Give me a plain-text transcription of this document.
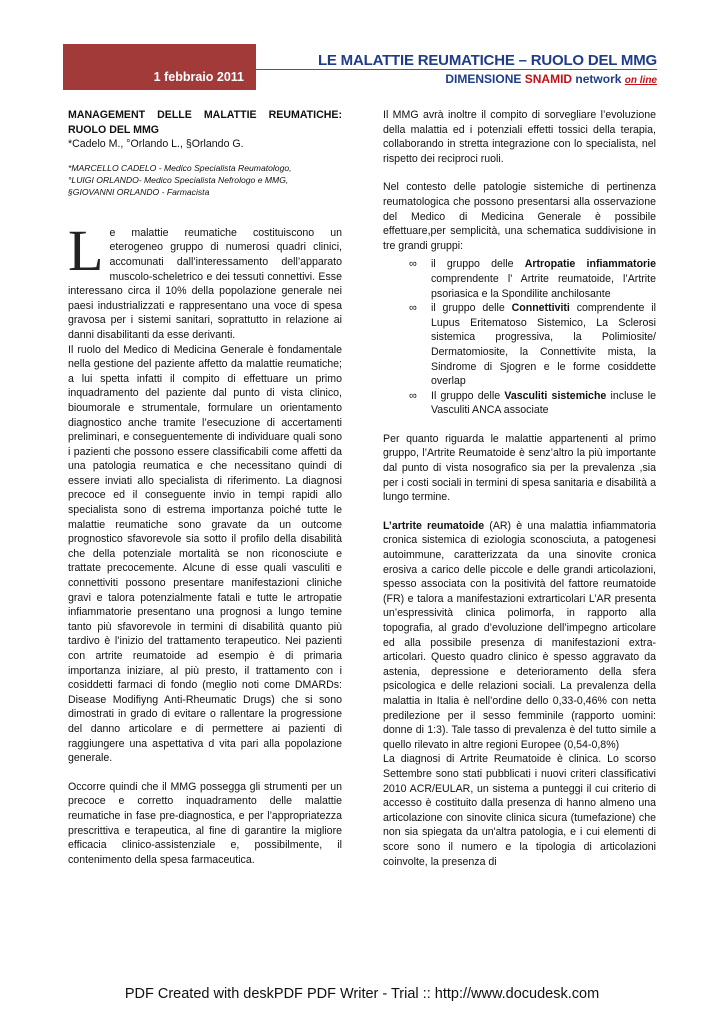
1 febbraio 2011
LE MALATTIE REUMATICHE – RUOLO DEL MMG
DIMENSIONE SNAMID network on line
MANAGEMENT DELLE MALATTIE REUMATICHE: RUOLO DEL MMG
*Cadelo M., °Orlando L., §Orlando G.
*MARCELLO CADELO - Medico Specialista Reumatologo,
°LUIGI ORLANDO- Medico Specialista Nefrologo e MMG,
§GIOVANNI ORLANDO - Farmacista

Le malattie reumatiche costituiscono un eterogeneo gruppo di numerosi quadri clinici, accomunati dall’interessamento dell’apparato muscolo-scheletrico e dei tessuti connettivi. Esse interessano circa il 10% della popolazione generale nei paesi industrializzati e rappresentano una voce di spesa gravosa per i sistemi sanitari, soprattutto in relazione ai danni disabilitanti da esse derivanti.

Il ruolo del Medico di Medicina Generale è fondamentale nella gestione del paziente affetto da malattie reumatiche; a lui spetta infatti il compito di effettuare un primo inquadramento del paziente dal punto di vista clinico, bioumorale e strumentale, formulare un orientamento diagnostico anche tramite l’esecuzione di accertamenti preliminari, e conseguentemente di individuare quali sono i pazienti che possono essere classificabili come affetti da una patologia reumatica e che necessitano quindi di essere inviati allo specialista di riferimento. La diagnosi precoce ed il conseguente invio in tempi rapidi allo specialista sono di estrema importanza poiché tutte le malattie reumatiche sono gravate da un outcome prognostico sfavorevole sia sotto il profilo della disabilità che della potenziale mortalità se non riconosciute e trattate precocemente. Alcune di esse quali vasculiti e connettiviti possono presentare manifestazioni cliniche gravi e talora potenzialmente fatali e tutte le artropatie infiammatorie presentano una prognosi a lungo temine tanto più sfavorevole in termini di disabilità quanto più tardivo è l’inizio del trattamento terapeutico. Nei pazienti con artrite reumatoide ad esempio è di primaria importanza iniziare, al più presto, il trattamento con i cosiddetti farmaci di fondo (meglio noti come DMARDs: Disease Modifiyng Anti-Rheumatic Drugs) che si sono dimostrati in grado di evitare o rallentare la progressione del danno articolare e di permettere ai pazienti di raggiungere una aspettativa d vita pari alla popolazione generale.

Occorre quindi che il MMG possegga gli strumenti per un precoce e corretto inquadramento delle malattie reumatiche in fase pre-diagnostica, e per l’appropriatezza prescrittiva e terapeutica, al fine di garantire la migliore efficacia clinico-assistenziale e, possibilmente, il contenimento della spesa farmaceutica.

Il MMG avrà inoltre il compito di sorvegliare l’evoluzione della malattia ed i potenziali effetti tossici della terapia, collaborando in stretta integrazione con lo specialista, nel rispetto dei reciproci ruoli.

Nel contesto delle patologie sistemiche di pertinenza reumatologica che possono presentarsi alla osservazione del Medico di Medicina Generale è possibile effettuare,per semplicità, una schematica suddivisione in tre grandi gruppi:

∞ il gruppo delle Artropatie infiammatorie comprendente l’ Artrite reumatoide, l’Artrite psoriasica e la Spondilite anchilosante
∞ il gruppo delle Connettiviti comprendente il Lupus Eritematoso Sistemico, La Sclerosi sistemica progressiva, la Polimiosite/ Dermatomiosite, la Connettivite mista, la Sindrome di Sjogren e le forme cosiddette overlap
∞ Il gruppo delle Vasculiti sistemiche incluse le Vasculiti ANCA associate

Per quanto riguarda le malattie appartenenti al primo gruppo, l’Artrite Reumatoide è senz’altro la più importante dal punto di vista nosografico sia per la prevalenza ,sia per i costi sociali in termini di spesa sanitaria e disabilità a lungo termine.

L’artrite reumatoide (AR) è una malattia infiammatoria cronica sistemica di eziologia sconosciuta, a patogenesi autoimmune, caratterizzata da una sinovite cronica erosiva a carico delle piccole e delle grandi articolazioni, spesso associata con la positività del fattore reumatoide (FR) e talora a manifestazioni extrarticolari L’AR presenta un’espressività clinica polimorfa, in rapporto alla topografia, al grado d’evoluzione dell’impegno articolare ed alla possibile presenza di manifestazioni extra-articolari. Questo quadro clinico è spesso aggravato da astenia, depressione e deterioramento della sfera psicologica e delle relazioni sociali. La prevalenza della malattia in Italia è nell’ordine dello 0,33-0,46% con netta predilezione per il sesso femminile (rapporto uomini: donne di 1:3). Tale tasso di prevalenza è del tutto simile a quello rilevato in altre regioni Europee (0,54-0,8%)

La diagnosi di Artrite Reumatoide è clinica. Lo scorso Settembre sono stati pubblicati i nuovi criteri classificativi 2010 ACR/EULAR, un sistema a punteggi il cui criterio di accesso è costituito dalla presenza di hanno almeno una articolazione con sinovite clinica sicura (tumefazione) che non sia spiegata da un'altra patologia, e i cui elementi di score sono il numero e la tipologia di articolazioni coinvolte, la presenza di

PDF Created with deskPDF PDF Writer - Trial :: http://www.docudesk.com
